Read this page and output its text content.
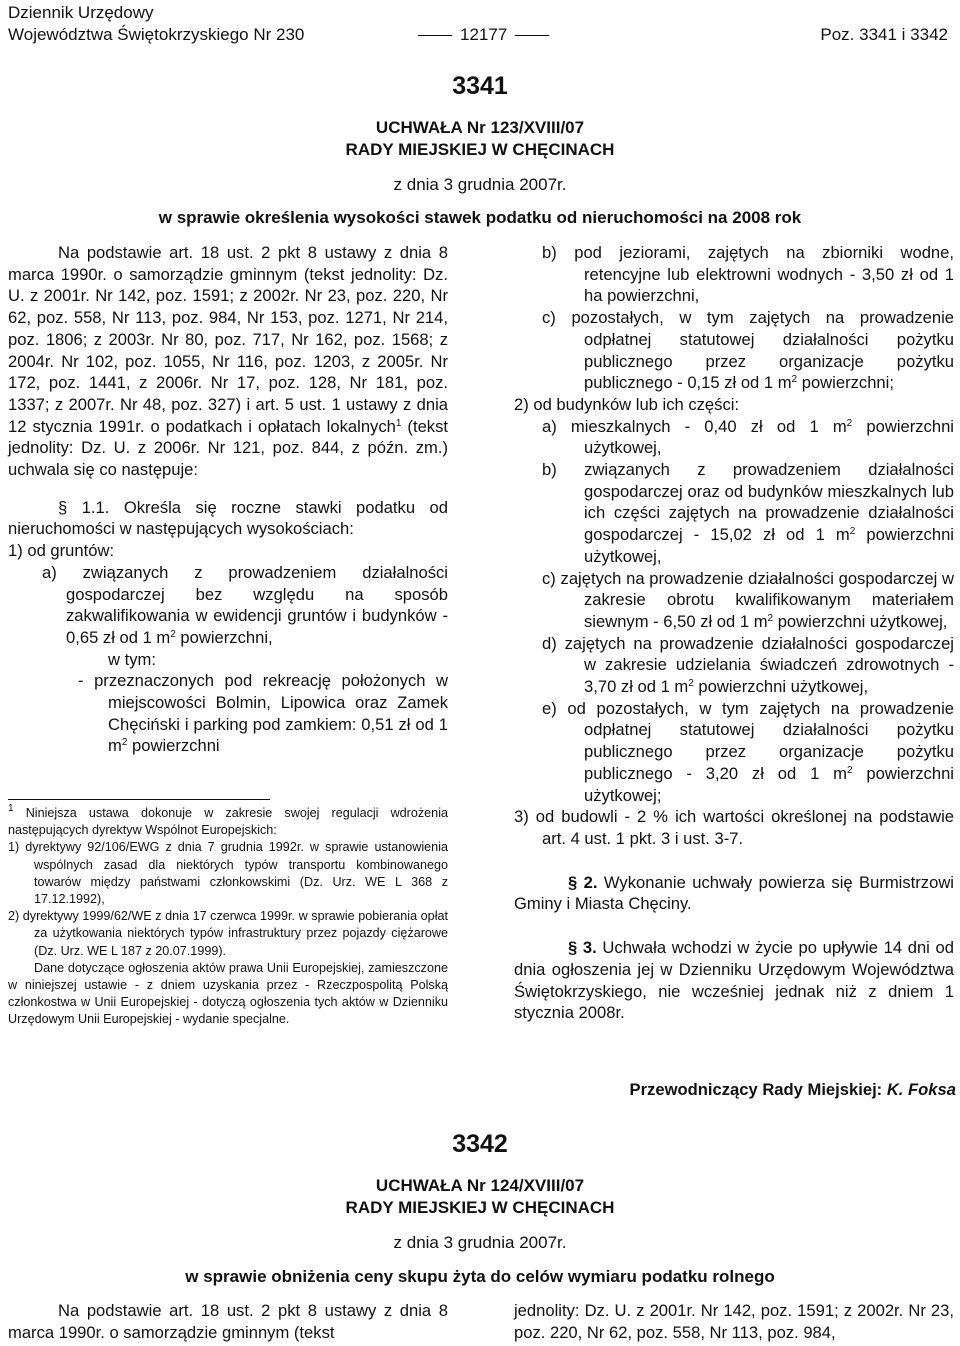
Dziennik Urzędowy
Województwa Świętokrzyskiego Nr 230	12177	Poz. 3341 i 3342
3341
UCHWAŁA Nr 123/XVIII/07
RADY MIEJSKIEJ W CHĘCINACH
z dnia 3 grudnia 2007r.
w sprawie określenia wysokości stawek podatku od nieruchomości na 2008 rok

Na podstawie art. 18 ust. 2 pkt 8 ustawy z dnia 8 marca 1990r. o samorządzie gminnym (tekst jednolity: Dz. U. z 2001r. Nr 142, poz. 1591; z 2002r. Nr 23, poz. 220, Nr 62, poz. 558, Nr 113, poz. 984, Nr 153, poz. 1271, Nr 214, poz. 1806; z 2003r. Nr 80, poz. 717, Nr 162, poz. 1568; z 2004r. Nr 102, poz. 1055, Nr 116, poz. 1203, z 2005r. Nr 172, poz. 1441, z 2006r. Nr 17, poz. 128, Nr 181, poz. 1337; z 2007r. Nr 48, poz. 327) i art. 5 ust. 1 ustawy z dnia 12 stycznia 1991r. o podatkach i opłatach lokalnych$^1$ (tekst jednolity: Dz. U. z 2006r. Nr 121, poz. 844, z późn. zm.) uchwala się co następuje:

§ 1.1. Określa się roczne stawki podatku od nieruchomości w następujących wysokościach:

1) od gruntów:

a) związanych z prowadzeniem działalności gospodarczej bez względu na sposób zakwalifikowania w ewidencji gruntów i budynków - 0,65 zł od 1 $m^2$ powierzchni,

w tym:

- przeznaczonych pod rekreację położonych w miejscowości Bolmin, Lipowica oraz Zamek Chęciński i parking pod zamkiem: 0,51 zł od 1 $m^2$ powierzchni

$^1$ Niniejsza ustawa dokonuje w zakresie swojej regulacji wdrożenia następujących dyrektyw Wspólnot Europejskich:

1) dyrektywy 92/106/EWG z dnia 7 grudnia 1992r. w sprawie ustanowienia wspólnych zasad dla niektórych typów transportu kombinowanego towarów między państwami członkowskimi (Dz. Urz. WE L 368 z 17.12.1992),

2) dyrektywy 1999/62/WE z dnia 17 czerwca 1999r. w sprawie pobierania opłat za użytkowania niektórych typów infrastruktury przez pojazdy ciężarowe (Dz. Urz. WE L 187 z 20.07.1999).

Dane dotyczące ogłoszenia aktów prawa Unii Europejskiej, zamieszczone w niniejszej ustawie - z dniem uzyskania przez - Rzeczpospolitą Polską członkostwa w Unii Europejskiej - dotyczą ogłoszenia tych aktów w Dzienniku Urzędowym Unii Europejskiej - wydanie specjalne.

b) pod jeziorami, zajętych na zbiorniki wodne, retencyjne lub elektrowni wodnych - 3,50 zł od 1 ha powierzchni,

c) pozostałych, w tym zajętych na prowadzenie odpłatnej statutowej działalności pożytku publicznego przez organizacje pożytku publicznego - 0,15 zł od 1 $m^2$ powierzchni;

2) od budynków lub ich części:

a) mieszkalnych - 0,40 zł od 1 $m^2$ powierzchni użytkowej,

b) związanych z prowadzeniem działalności gospodarczej oraz od budynków mieszkalnych lub ich części zajętych na prowadzenie działalności gospodarczej - 15,02 zł od 1 $m^2$ powierzchni użytkowej,

c) zajętych na prowadzenie działalności gospodarczej w zakresie obrotu kwalifikowanym materiałem siewnym - 6,50 zł od 1 $m^2$ powierzchni użytkowej,

d) zajętych na prowadzenie działalności gospodarczej w zakresie udzielania świadczeń zdrowotnych - 3,70 zł od 1 $m^2$ powierzchni użytkowej,

e) od pozostałych, w tym zajętych na prowadzenie odpłatnej statutowej działalności pożytku publicznego przez organizacje pożytku publicznego - 3,20 zł od 1 $m^2$ powierzchni użytkowej;

3) od budowli - 2 % ich wartości określonej na podstawie art. 4 ust. 1 pkt. 3 i ust. 3-7.

§ 2. Wykonanie uchwały powierza się Burmistrzowi Gminy i Miasta Chęciny.

§ 3. Uchwała wchodzi w życie po upływie 14 dni od dnia ogłoszenia jej w Dzienniku Urzędowym Województwa Świętokrzyskiego, nie wcześniej jednak niż z dniem 1 stycznia 2008r.

Przewodniczący Rady Miejskiej: K. Foksa
3342
UCHWAŁA Nr 124/XVIII/07
RADY MIEJSKIEJ W CHĘCINACH
z dnia 3 grudnia 2007r.
w sprawie obniżenia ceny skupu żyta do celów wymiaru podatku rolnego
Na podstawie art. 18 ust. 2 pkt 8 ustawy z dnia 8 marca 1990r. o samorządzie gminnym (tekst
jednolity: Dz. U. z 2001r. Nr 142, poz. 1591; z 2002r. Nr 23, poz. 220, Nr 62, poz. 558, Nr 113, poz. 984,
